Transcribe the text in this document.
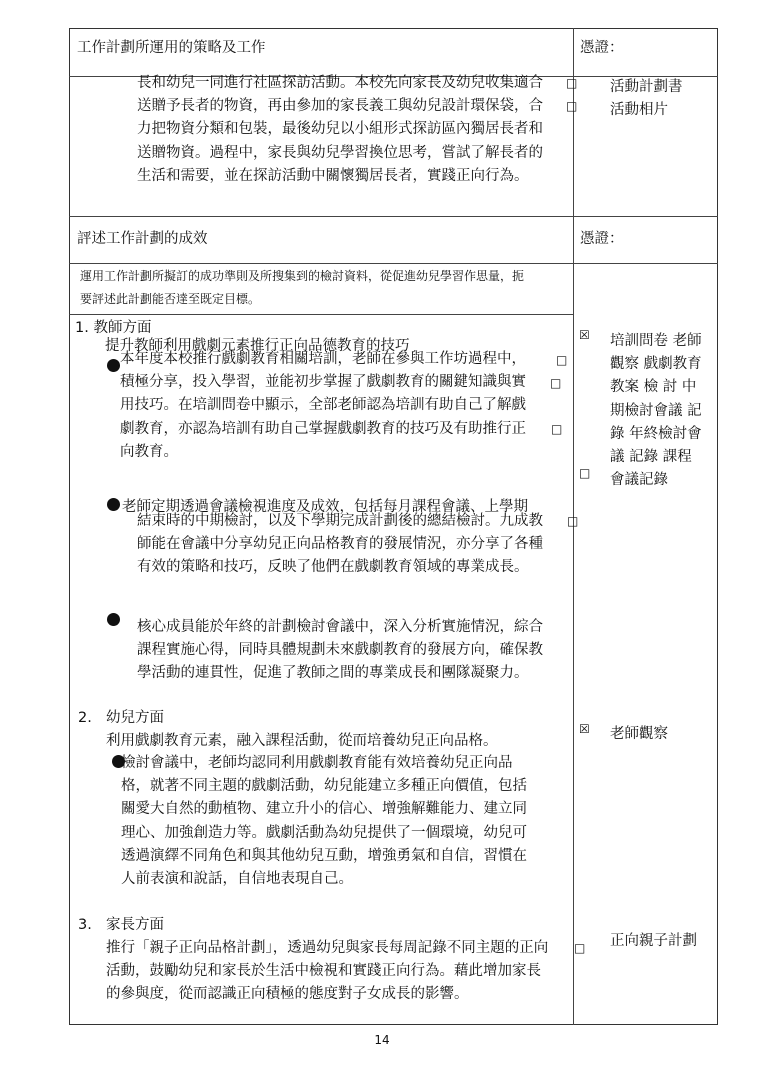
工作計劃所運用的策略及工作	憑證：
長和幼兒一同進行社區探訪活動。本校先向家長及幼兒收集適合
送贈予長者的物資，再由參加的家長義工與幼兒設計環保袋，合
力把物資分類和包裝，最後幼兒以小組形式探訪區內獨居長者和
送贈物資。過程中，家長與幼兒學習換位思考，嘗試了解長者的
生活和需要，並在探訪活動中關懷獨居長者，實踐正向行為。
□
□
活動計劃書
活動相片
評述工作計劃的成效	憑證：
運用工作計劃所擬訂的成功準則及所搜集到的檢討資料，從促進幼兒學習作思量，扼
要評述此計劃能否達至既定目標。
1. 教師方面
提升教師利用戲劇元素推行正向品德教育的技巧
本年度本校推行戲劇教育相關培訓，老師在參與工作坊過程中，
積極分享，投入學習，並能初步掌握了戲劇教育的關鍵知識與實
用技巧。在培訓問卷中顯示，全部老師認為培訓有助自己了解戲
劇教育，亦認為培訓有助自己掌握戲劇教育的技巧及有助推行正
向教育。
□
□
□
老師定期透過會議檢視進度及成效，包括每月課程會議、上學期
結束時的中期檢討，以及下學期完成計劃後的總結檢討。九成教
師能在會議中分享幼兒正向品格教育的發展情況，亦分享了各種
有效的策略和技巧，反映了他們在戲劇教育領域的專業成長。
□
核心成員能於年終的計劃檢討會議中，深入分析實施情況，綜合
課程實施心得，同時具體規劃未來戲劇教育的發展方向，確保教
學活動的連貫性，促進了教師之間的專業成長和團隊凝聚力。
☒
□
培訓問卷 老師
觀察 戲劇教育
教案 檢 討 中
期檢討會議 記
錄 年終檢討會
議 記錄 課程
會議記錄
2. 幼兒方面
利用戲劇教育元素，融入課程活動，從而培養幼兒正向品格。
檢討會議中，老師均認同利用戲劇教育能有效培養幼兒正向品
格，就著不同主題的戲劇活動，幼兒能建立多種正向價值，包括
關愛大自然的動植物、建立升小的信心、增強解難能力、建立同
理心、加強創造力等。戲劇活動為幼兒提供了一個環境，幼兒可
透過演繹不同角色和與其他幼兒互動，增強勇氣和自信，習慣在
人前表演和說話，自信地表現自己。
☒ 老師觀察
3. 家長方面
推行「親子正向品格計劃」，透過幼兒與家長每周記錄不同主題的正向
活動，鼓勵幼兒和家長於生活中檢視和實踐正向行為。藉此增加家長
的參與度，從而認識正向積極的態度對子女成長的影響。
□ 正向親子計劃
14
